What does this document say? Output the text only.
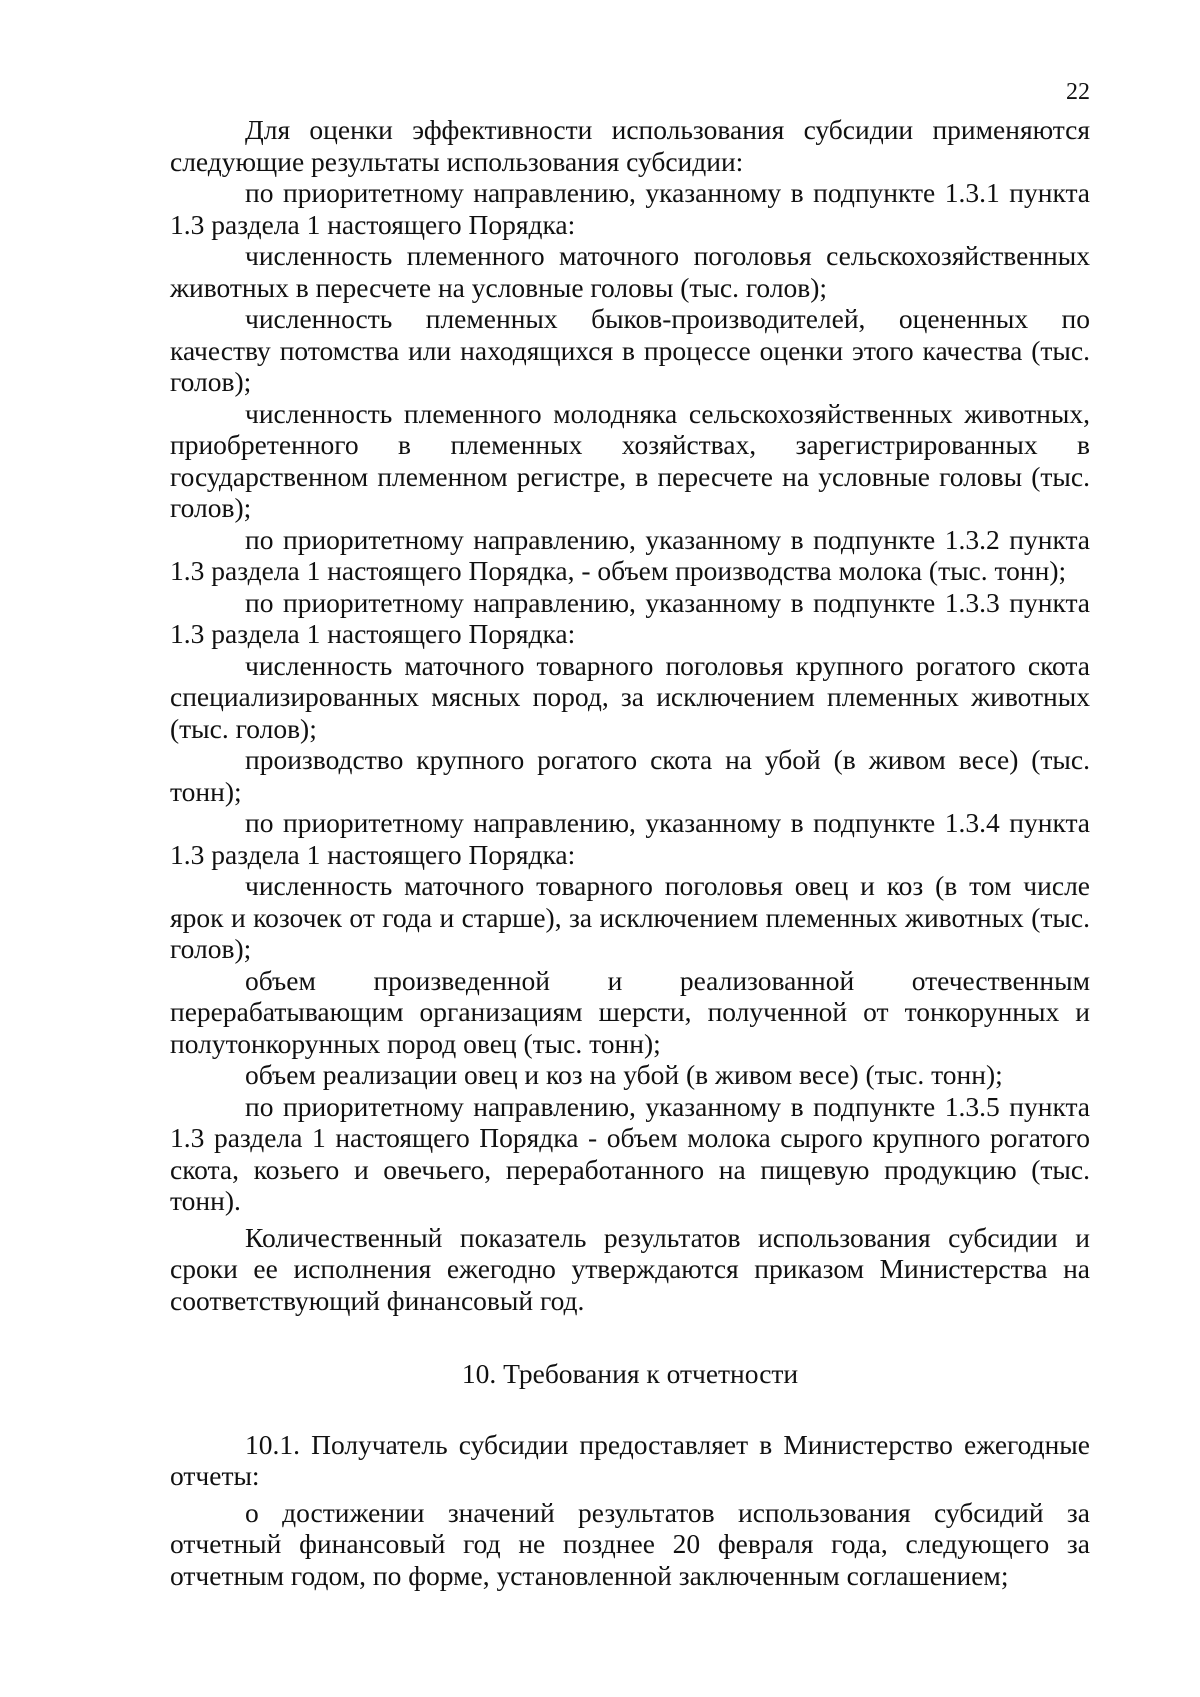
22

Для оценки эффективности использования субсидии применяются следующие результаты использования субсидии:

по приоритетному направлению, указанному в подпункте 1.3.1 пункта 1.3 раздела 1 настоящего Порядка:

численность племенного маточного поголовья сельскохозяйственных животных в пересчете на условные головы (тыс. голов);

численность племенных быков-производителей, оцененных по качеству потомства или находящихся в процессе оценки этого качества (тыс. голов);

численность племенного молодняка сельскохозяйственных животных, приобретенного в племенных хозяйствах, зарегистрированных в государственном племенном регистре, в пересчете на условные головы (тыс. голов);

по приоритетному направлению, указанному в подпункте 1.3.2 пункта 1.3 раздела 1 настоящего Порядка, - объем производства молока (тыс. тонн);

по приоритетному направлению, указанному в подпункте 1.3.3 пункта 1.3 раздела 1 настоящего Порядка:

численность маточного товарного поголовья крупного рогатого скота специализированных мясных пород, за исключением племенных животных (тыс. голов);

производство крупного рогатого скота на убой (в живом весе) (тыс. тонн);

по приоритетному направлению, указанному в подпункте 1.3.4 пункта 1.3 раздела 1 настоящего Порядка:

численность маточного товарного поголовья овец и коз (в том числе ярок и козочек от года и старше), за исключением племенных животных (тыс. голов);

объем произведенной и реализованной отечественным перерабатывающим организациям шерсти, полученной от тонкорунных и полутонкорунных пород овец (тыс. тонн);

объем реализации овец и коз на убой (в живом весе) (тыс. тонн);

по приоритетному направлению, указанному в подпункте 1.3.5 пункта 1.3 раздела 1 настоящего Порядка - объем молока сырого крупного рогатого скота, козьего и овечьего, переработанного на пищевую продукцию (тыс. тонн).

Количественный показатель результатов использования субсидии и сроки ее исполнения ежегодно утверждаются приказом Министерства на соответствующий финансовый год.

10. Требования к отчетности

10.1. Получатель субсидии предоставляет в Министерство ежегодные отчеты:

о достижении значений результатов использования субсидий за отчетный финансовый год не позднее 20 февраля года, следующего за отчетным годом, по форме, установленной заключенным соглашением;
